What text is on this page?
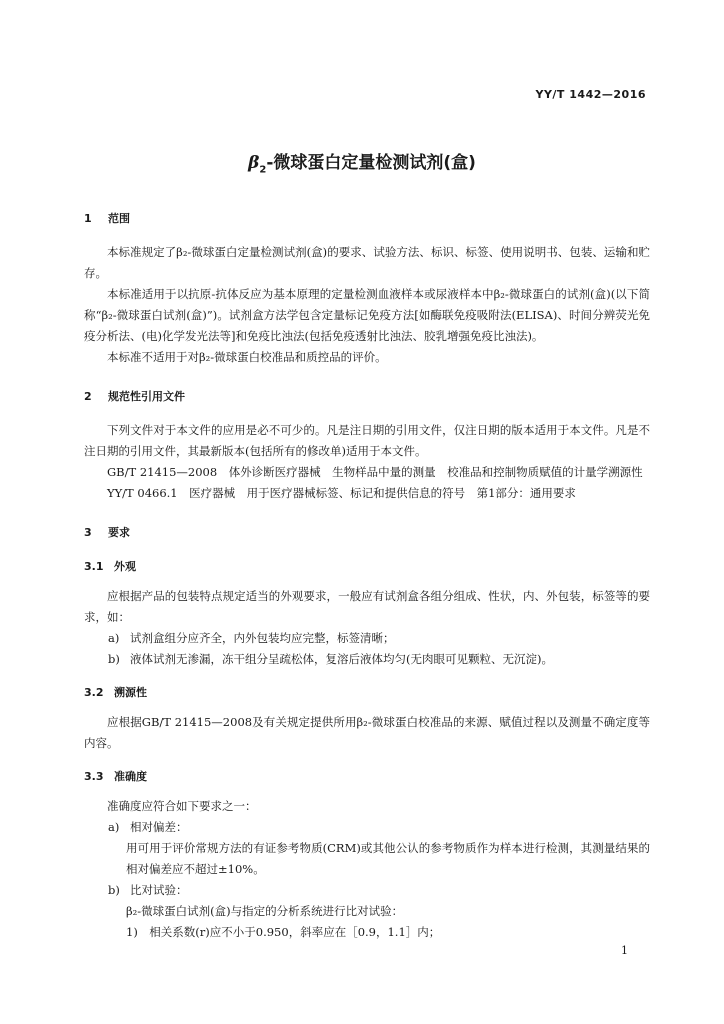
YY/T 1442—2016
$\beta_2-$微球蛋白定量检测试剂(盒)
1 范围

本标准规定了β₂-微球蛋白定量检测试剂(盒)的要求、试验方法、标识、标签、使用说明书、包装、运输和贮存。

本标准适用于以抗原-抗体反应为基本原理的定量检测血液样本或尿液样本中β₂-微球蛋白的试剂(盒)(以下简称“β₂-微球蛋白试剂(盒)”)。试剂盒方法学包含定量标记免疫方法[如酶联免疫吸附法(ELISA)、时间分辨荧光免疫分析法、(电)化学发光法等]和免疫比浊法(包括免疫透射比浊法、胶乳增强免疫比浊法)。

本标准不适用于对β₂-微球蛋白校准品和质控品的评价。

2 规范性引用文件

下列文件对于本文件的应用是必不可少的。凡是注日期的引用文件，仅注日期的版本适用于本文件。凡是不注日期的引用文件，其最新版本(包括所有的修改单)适用于本文件。

GB/T 21415—2008　体外诊断医疗器械　生物样品中量的测量　校准品和控制物质赋值的计量学溯源性

YY/T 0466.1　医疗器械　用于医疗器械标签、标记和提供信息的符号　第1部分：通用要求

3 要求
3.1 外观

应根据产品的包装特点规定适当的外观要求，一般应有试剂盒各组分组成、性状，内、外包装，标签等的要求，如：

a) 试剂盒组分应齐全，内外包装均应完整，标签清晰；
b) 液体试剂无渗漏，冻干组分呈疏松体，复溶后液体均匀(无肉眼可见颗粒、无沉淀)。
3.2 溯源性

应根据GB/T 21415—2008及有关规定提供所用β₂-微球蛋白校准品的来源、赋值过程以及测量不确定度等内容。

3.3 准确度

准确度应符合如下要求之一：

a) 相对偏差：

用可用于评价常规方法的有证参考物质(CRM)或其他公认的参考物质作为样本进行检测，其测量结果的相对偏差应不超过±10%。

b) 比对试验：

β₂-微球蛋白试剂(盒)与指定的分析系统进行比对试验：

1)　相关系数(r)应不小于0.950，斜率应在［0.9，1.1］内；

1
